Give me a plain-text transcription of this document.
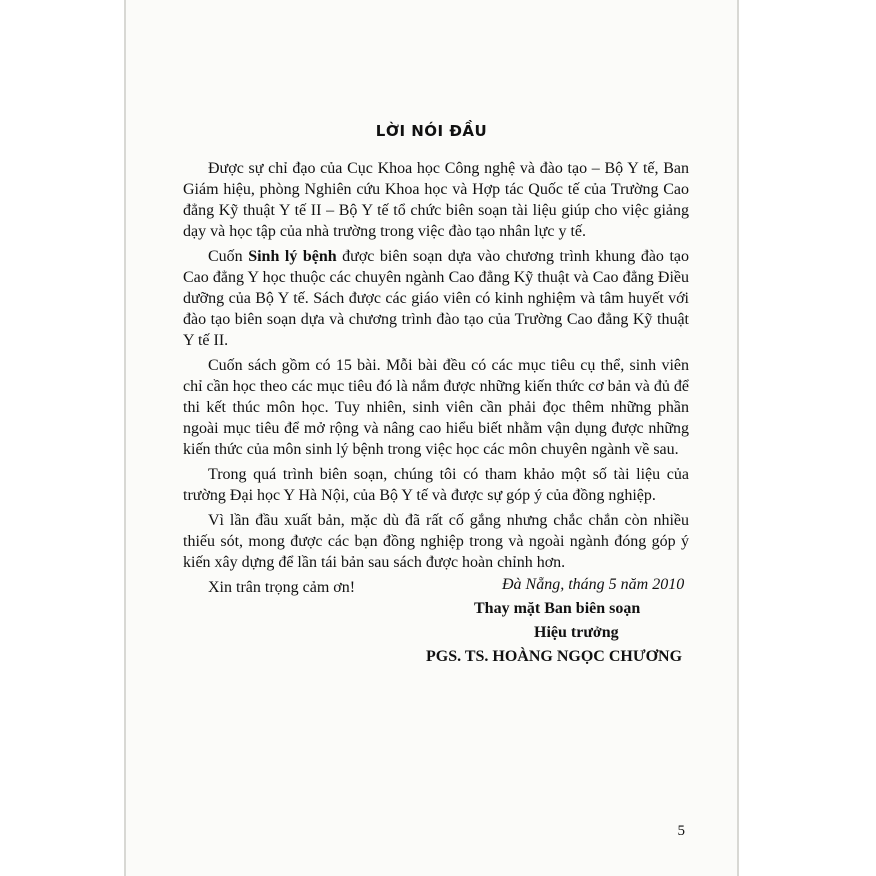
LỜI NÓI ĐẦU

Được sự chỉ đạo của Cục Khoa học Công nghệ và đào tạo – Bộ Y tế, Ban Giám hiệu, phòng Nghiên cứu Khoa học và Hợp tác Quốc tế của Trường Cao đẳng Kỹ thuật Y tế II – Bộ Y tế tổ chức biên soạn tài liệu giúp cho việc giảng dạy và học tập của nhà trường trong việc đào tạo nhân lực y tế.

Cuốn Sinh lý bệnh được biên soạn dựa vào chương trình khung đào tạo Cao đẳng Y học thuộc các chuyên ngành Cao đẳng Kỹ thuật và Cao đẳng Điều dưỡng của Bộ Y tế. Sách được các giáo viên có kinh nghiệm và tâm huyết với đào tạo biên soạn dựa và chương trình đào tạo của Trường Cao đẳng Kỹ thuật Y tế II.

Cuốn sách gồm có 15 bài. Mỗi bài đều có các mục tiêu cụ thể, sinh viên chỉ cần học theo các mục tiêu đó là nắm được những kiến thức cơ bản và đủ để thi kết thúc môn học. Tuy nhiên, sinh viên cần phải đọc thêm những phần ngoài mục tiêu để mở rộng và nâng cao hiểu biết nhằm vận dụng được những kiến thức của môn sinh lý bệnh trong việc học các môn chuyên ngành về sau.

Trong quá trình biên soạn, chúng tôi có tham khảo một số tài liệu của trường Đại học Y Hà Nội, của Bộ Y tế và được sự góp ý của đồng nghiệp.

Vì lần đầu xuất bản, mặc dù đã rất cố gắng nhưng chắc chắn còn nhiều thiếu sót, mong được các bạn đồng nghiệp trong và ngoài ngành đóng góp ý kiến xây dựng để lần tái bản sau sách được hoàn chỉnh hơn.

Xin trân trọng cảm ơn!	Đà Nẵng, tháng 5 năm 2010
Thay mặt Ban biên soạn
Hiệu trưởng
PGS. TS. HOÀNG NGỌC CHƯƠNG
5
